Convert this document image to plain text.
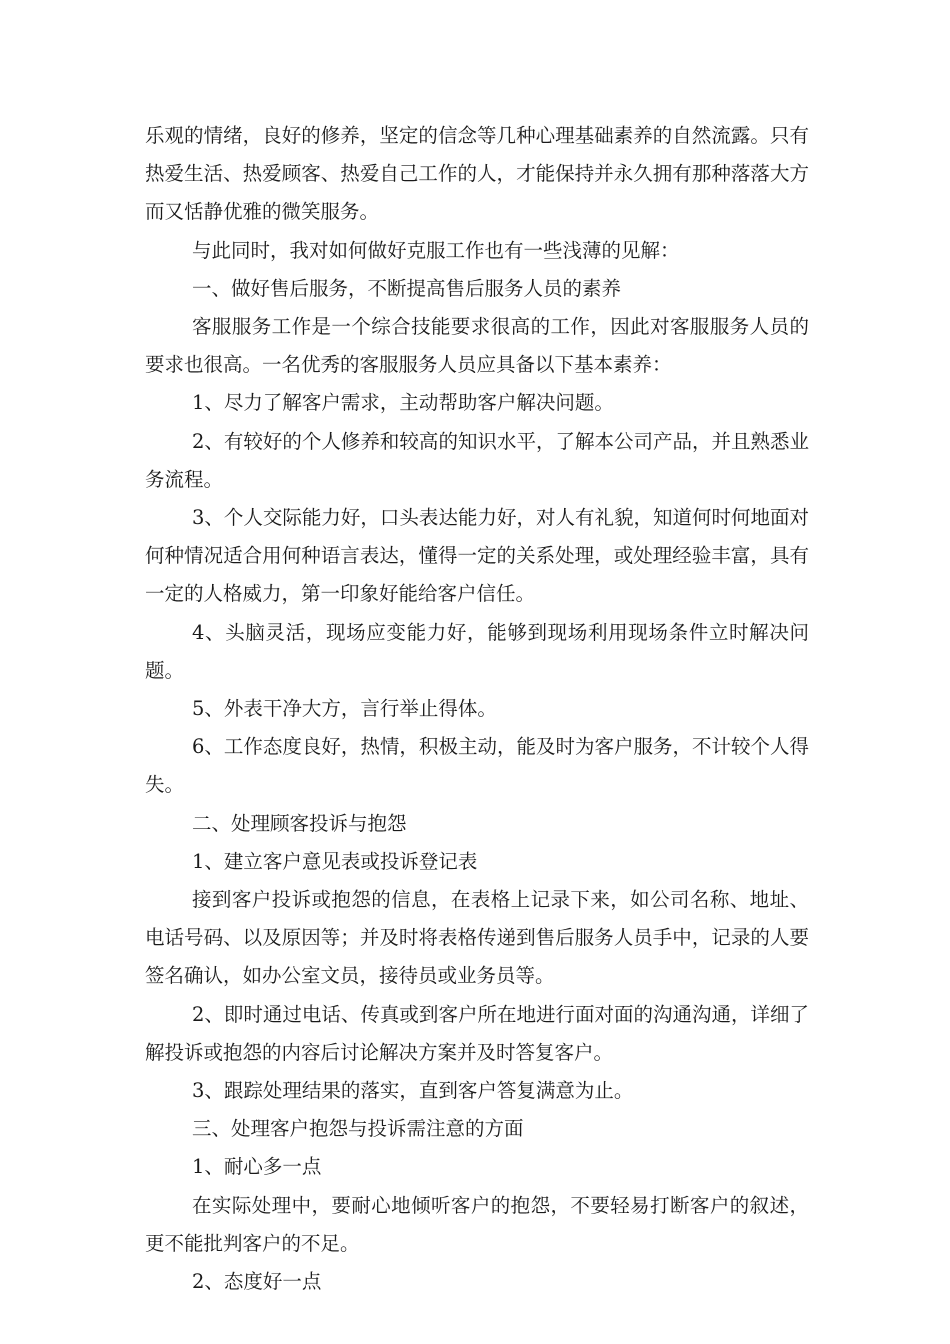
乐观的情绪，良好的修养，坚定的信念等几种心理基础素养的自然流露。只有热爱生活、热爱顾客、热爱自己工作的人，才能保持并永久拥有那种落落大方而又恬静优雅的微笑服务。

与此同时，我对如何做好克服工作也有一些浅薄的见解：

一、做好售后服务，不断提高售后服务人员的素养

客服服务工作是一个综合技能要求很高的工作，因此对客服服务人员的要求也很高。一名优秀的客服服务人员应具备以下基本素养：

1、尽力了解客户需求，主动帮助客户解决问题。

2、有较好的个人修养和较高的知识水平，了解本公司产品，并且熟悉业务流程。

3、个人交际能力好，口头表达能力好，对人有礼貌，知道何时何地面对何种情况适合用何种语言表达，懂得一定的关系处理，或处理经验丰富，具有一定的人格威力，第一印象好能给客户信任。

4、头脑灵活，现场应变能力好，能够到现场利用现场条件立时解决问题。

5、外表干净大方，言行举止得体。

6、工作态度良好，热情，积极主动，能及时为客户服务，不计较个人得失。

二、处理顾客投诉与抱怨

1、建立客户意见表或投诉登记表

接到客户投诉或抱怨的信息，在表格上记录下来，如公司名称、地址、电话号码、以及原因等；并及时将表格传递到售后服务人员手中，记录的人要签名确认，如办公室文员，接待员或业务员等。

2、即时通过电话、传真或到客户所在地进行面对面的沟通沟通，详细了解投诉或抱怨的内容后讨论解决方案并及时答复客户。

3、跟踪处理结果的落实，直到客户答复满意为止。

三、处理客户抱怨与投诉需注意的方面

1、耐心多一点

在实际处理中，要耐心地倾听客户的抱怨，不要轻易打断客户的叙述，更不能批判客户的不足。

2、态度好一点
